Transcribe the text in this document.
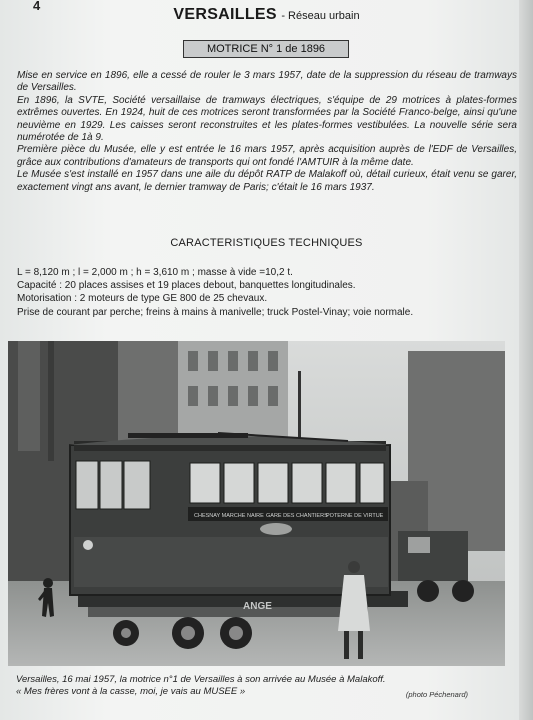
4
VERSAILLES - Réseau urbain
MOTRICE N° 1 de 1896

Mise en service en 1896, elle a cessé de rouler le 3 mars 1957, date de la suppression du réseau de tramways de Versailles.

En 1896, la SVTE, Société versaillaise de tramways électriques, s'équipe de 29 motrices à plates-formes extrêmes ouvertes. En 1924, huit de ces motrices seront transformées par la Société Franco-belge, ainsi qu'une neuvième en 1929. Les caisses seront reconstruites et les plates-formes vestibulées. La nouvelle série sera numérotée de 1à 9.

Première pièce du Musée, elle y est entrée le 16 mars 1957, après acquisition auprès de l'EDF de Versailles, grâce aux contributions d'amateurs de transports qui ont fondé l'AMTUIR à la même date.

Le Musée s'est installé en 1957 dans une aile du dépôt RATP de Malakoff où, détail curieux, était venu se garer, exactement vingt ans avant, le dernier tramway de Paris; c'était le 16 mars 1937.

CARACTERISTIQUES TECHNIQUES

L = 8,120 m ; l = 2,000 m ; h = 3,610 m ; masse à vide =10,2 t.

Capacité : 20 places assises et 19 places debout, banquettes longitudinales.

Motorisation : 2 moteurs de type GE 800 de 25 chevaux.

Prise de courant par perche; freins à mains à manivelle; truck Postel-Vinay; voie normale.

ANGE
CHESNAY MARCHE NAIRE GARE DES CHANTIERS
POTERNE DE VIRTUE

Versailles, 16 mai 1957, la motrice n°1 de Versailles à son arrivée au Musée à Malakoff.

« Mes frères vont à la casse, moi, je vais au MUSEE »	(photo Péchenard)
